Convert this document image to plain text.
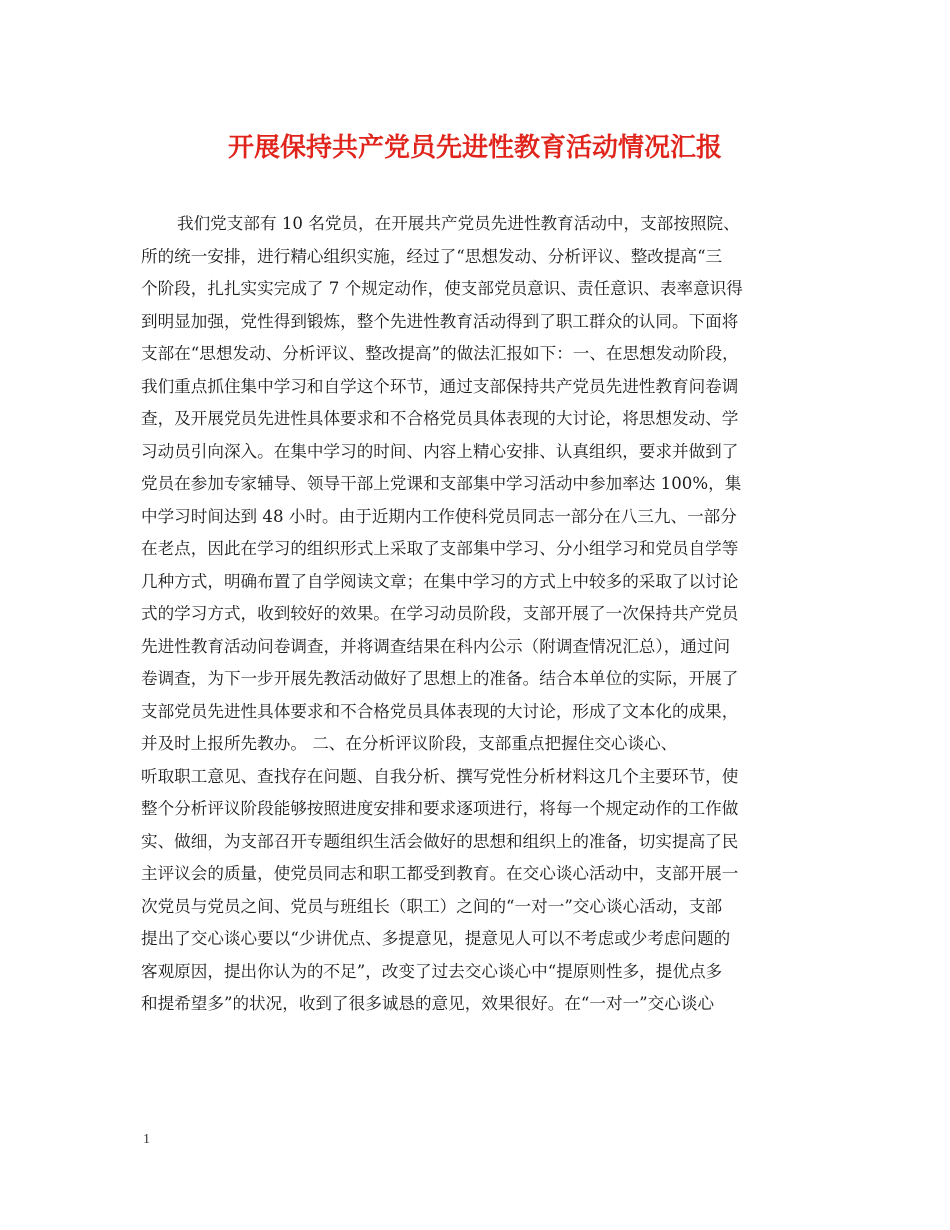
开展保持共产党员先进性教育活动情况汇报
我们党支部有 10 名党员，在开展共产党员先进性教育活动中，支部按照院、
所的统一安排，进行精心组织实施，经过了“思想发动、分析评议、整改提高“三
个阶段，扎扎实实完成了 7 个规定动作，使支部党员意识、责任意识、表率意识得
到明显加强，党性得到锻炼，整个先进性教育活动得到了职工群众的认同。下面将
支部在“思想发动、分析评议、整改提高”的做法汇报如下：一、在思想发动阶段，
我们重点抓住集中学习和自学这个环节，通过支部保持共产党员先进性教育问卷调
查，及开展党员先进性具体要求和不合格党员具体表现的大讨论，将思想发动、学
习动员引向深入。在集中学习的时间、内容上精心安排、认真组织，要求并做到了
党员在参加专家辅导、领导干部上党课和支部集中学习活动中参加率达 100%，集
中学习时间达到 48 小时。由于近期内工作使科党员同志一部分在八三九、一部分
在老点，因此在学习的组织形式上采取了支部集中学习、分小组学习和党员自学等
几种方式，明确布置了自学阅读文章；在集中学习的方式上中较多的采取了以讨论
式的学习方式，收到较好的效果。在学习动员阶段，支部开展了一次保持共产党员
先进性教育活动问卷调查，并将调查结果在科内公示（附调查情况汇总），通过问
卷调查，为下一步开展先教活动做好了思想上的准备。结合本单位的实际，开展了
支部党员先进性具体要求和不合格党员具体表现的大讨论，形成了文本化的成果，
并及时上报所先教办。 二、在分析评议阶段，支部重点把握住交心谈心、
听取职工意见、查找存在问题、自我分析、撰写党性分析材料这几个主要环节，使
整个分析评议阶段能够按照进度安排和要求逐项进行，将每一个规定动作的工作做
实、做细，为支部召开专题组织生活会做好的思想和组织上的准备，切实提高了民
主评议会的质量，使党员同志和职工都受到教育。在交心谈心活动中，支部开展一
次党员与党员之间、党员与班组长（职工）之间的“一对一”交心谈心活动，支部
提出了交心谈心要以“少讲优点、多提意见，提意见人可以不考虑或少考虑问题的
客观原因，提出你认为的不足”，改变了过去交心谈心中“提原则性多，提优点多
和提希望多”的状况，收到了很多诚恳的意见，效果很好。在“一对一”交心谈心
1
